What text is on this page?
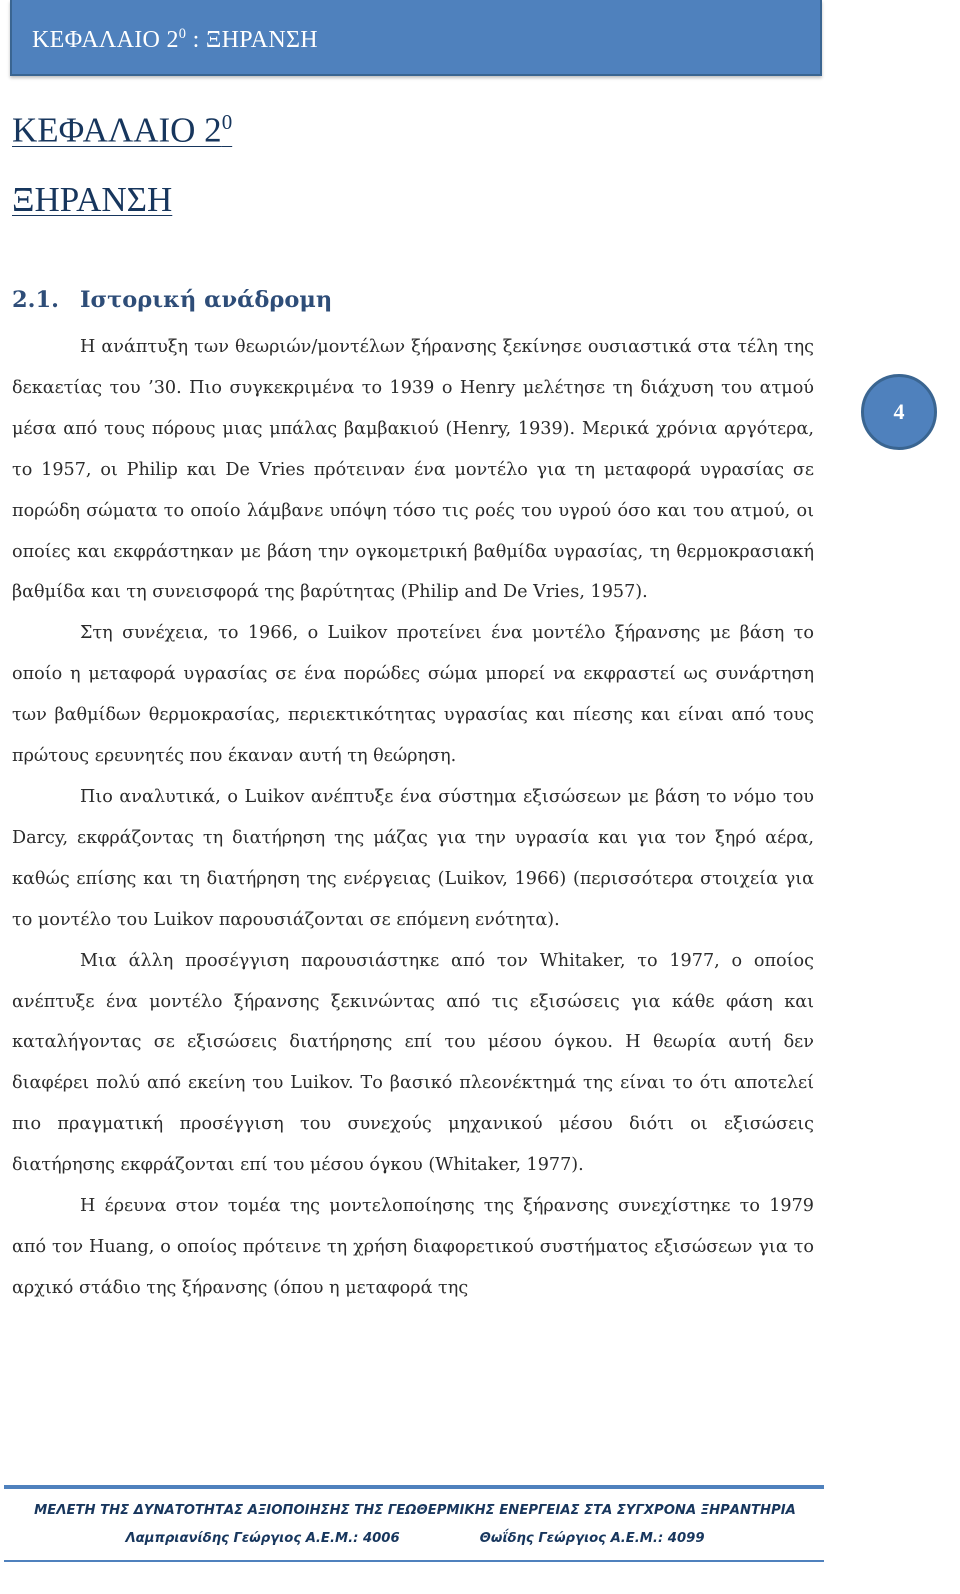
ΚΕΦΑΛΑΙΟ $2^0$ : ΞΗΡΑΝΣΗ
ΚΕΦΑΛΑΙΟ $2^0$
ΞΗΡΑΝΣΗ
2.1. Ιστορική ανάδρομη

Η ανάπτυξη των θεωριών/μοντέλων ξήρανσης ξεκίνησε ουσιαστικά στα τέλη της δεκαετίας του ’30. Πιο συγκεκριμένα το 1939 ο Henry μελέτησε τη διάχυση του ατμού μέσα από τους πόρους μιας μπάλας βαμβακιού (Henry, 1939). Μερικά χρόνια αργότερα, το 1957, οι Philip και De Vries πρότειναν ένα μοντέλο για τη μεταφορά υγρασίας σε πορώδη σώματα το οποίο λάμβανε υπόψη τόσο τις ροές του υγρού όσο και του ατμού, οι οποίες και εκφράστηκαν με βάση την ογκομετρική βαθμίδα υγρασίας, τη θερμοκρασιακή βαθμίδα και τη συνεισφορά της βαρύτητας (Philip and De Vries, 1957).

Στη συνέχεια, το 1966, ο Luikov προτείνει ένα μοντέλο ξήρανσης με βάση το οποίο η μεταφορά υγρασίας σε ένα πορώδες σώμα μπορεί να εκφραστεί ως συνάρτηση των βαθμίδων θερμοκρασίας, περιεκτικότητας υγρασίας και πίεσης και είναι από τους πρώτους ερευνητές που έκαναν αυτή τη θεώρηση.

Πιο αναλυτικά, ο Luikov ανέπτυξε ένα σύστημα εξισώσεων με βάση το νόμο του Darcy, εκφράζοντας τη διατήρηση της μάζας για την υγρασία και για τον ξηρό αέρα, καθώς επίσης και τη διατήρηση της ενέργειας (Luikov, 1966) (περισσότερα στοιχεία για το μοντέλο του Luikov παρουσιάζονται σε επόμενη ενότητα).

Μια άλλη προσέγγιση παρουσιάστηκε από τον Whitaker, το 1977, ο οποίος ανέπτυξε ένα μοντέλο ξήρανσης ξεκινώντας από τις εξισώσεις για κάθε φάση και καταλήγοντας σε εξισώσεις διατήρησης επί του μέσου όγκου. Η θεωρία αυτή δεν διαφέρει πολύ από εκείνη του Luikov. Το βασικό πλεονέκτημά της είναι το ότι αποτελεί πιο πραγματική προσέγγιση του συνεχούς μηχανικού μέσου διότι οι εξισώσεις διατήρησης εκφράζονται επί του μέσου όγκου (Whitaker, 1977).

Η έρευνα στον τομέα της μοντελοποίησης της ξήρανσης συνεχίστηκε το 1979 από τον Huang, ο οποίος πρότεινε τη χρήση διαφορετικού συστήματος εξισώσεων για το αρχικό στάδιο της ξήρανσης (όπου η μεταφορά της

4
ΜΕΛΕΤΗ ΤΗΣ ΔΥΝΑΤΟΤΗΤΑΣ ΑΞΙΟΠΟΙΗΣΗΣ ΤΗΣ ΓΕΩΘΕΡΜΙΚΗΣ ΕΝΕΡΓΕΙΑΣ ΣΤΑ ΣΥΓΧΡΟΝΑ ΞΗΡΑΝΤΗΡΙΑ
Λαμπριανίδης Γεώργιος Α.Ε.Μ.: 4006	Θωΐδης Γεώργιος Α.Ε.Μ.: 4099
